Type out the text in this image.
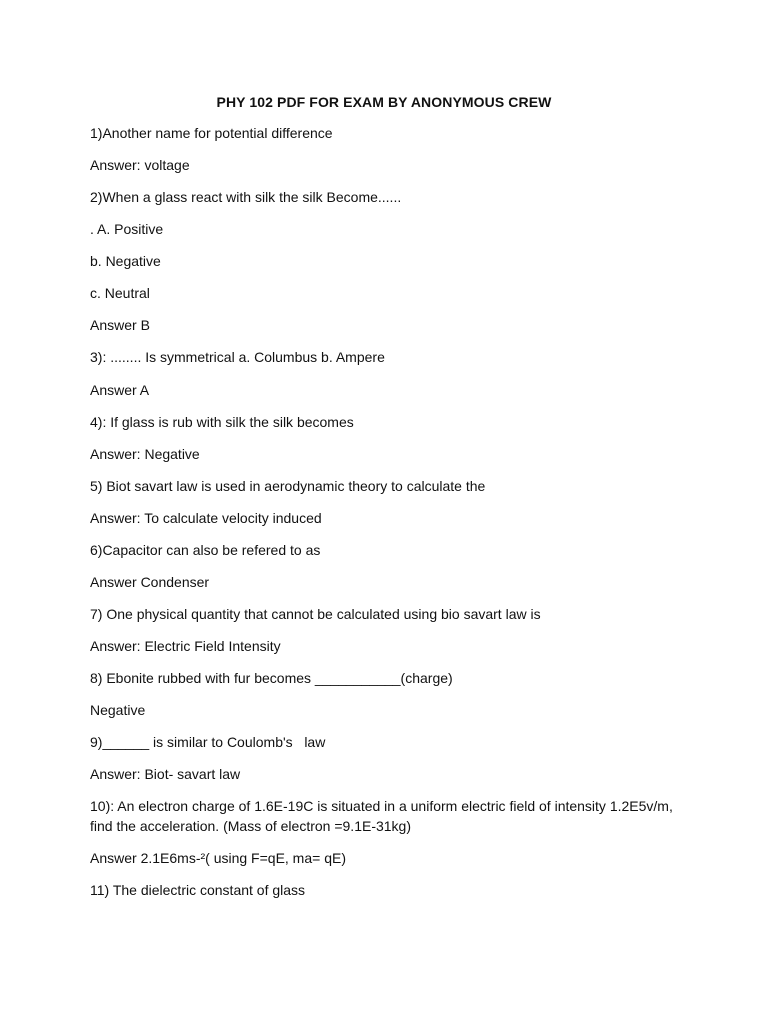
PHY 102 PDF FOR EXAM BY ANONYMOUS CREW
1)Another name for potential difference
Answer: voltage
2)When a glass react with silk the silk Become......
. A. Positive
b. Negative
c. Neutral
Answer B
3): ........ Is symmetrical a. Columbus b. Ampere
Answer A
4): If glass is rub with silk the silk becomes
Answer: Negative
5) Biot savart law is used in aerodynamic theory to calculate the
Answer: To calculate velocity induced
6)Capacitor can also be refered to as
Answer Condenser
7) One physical quantity that cannot be calculated using bio savart law is
Answer: Electric Field Intensity
8) Ebonite rubbed with fur becomes ___________(charge)
Negative
9)______ is similar to Coulomb's   law
Answer: Biot- savart law
10): An electron charge of 1.6E-19C is situated in a uniform electric field of intensity 1.2E5v/m, find the acceleration. (Mass of electron =9.1E-31kg)
Answer 2.1E6ms-²( using F=qE, ma= qE)
11) The dielectric constant of glass
